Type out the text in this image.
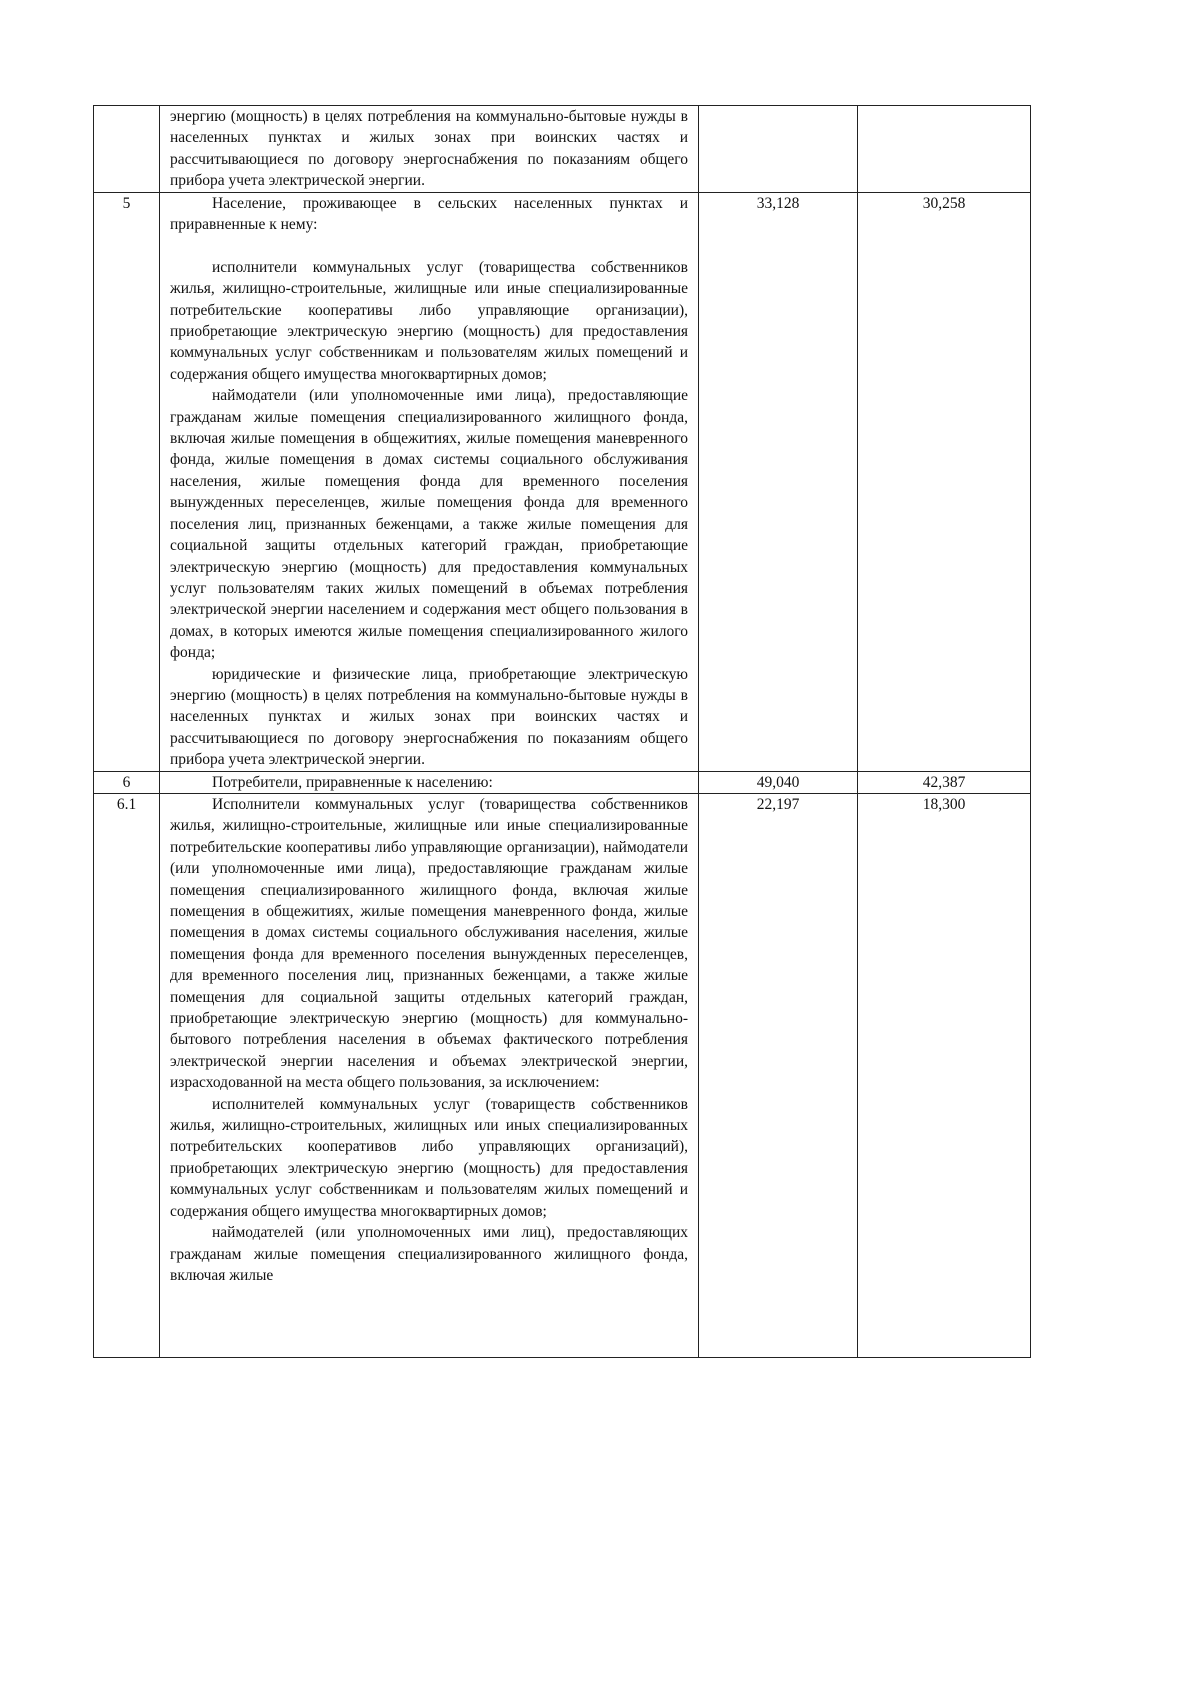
	энергию (мощность) в целях потребления на коммунально-бытовые нужды в населенных пунктах и жилых зонах при воинских частях и рассчитывающиеся по договору энергоснабжения по показаниям общего прибора учета электрической энергии.		

5	Население, проживающее в сельских населенных пунктах и приравненные к нему:

исполнители коммунальных услуг (товарищества собственников жилья, жилищно-строительные, жилищные или иные специализированные потребительские кооперативы либо управляющие организации), приобретающие электрическую энергию (мощность) для предоставления коммунальных услуг собственникам и пользователям жилых помещений и содержания общего имущества многоквартирных домов;

наймодатели (или уполномоченные ими лица), предоставляющие гражданам жилые помещения специализированного жилищного фонда, включая жилые помещения в общежитиях, жилые помещения маневренного фонда, жилые помещения в домах системы социального обслуживания населения, жилые помещения фонда для временного поселения вынужденных переселенцев, жилые помещения фонда для временного поселения лиц, признанных беженцами, а также жилые помещения для социальной защиты отдельных категорий граждан, приобретающие электрическую энергию (мощность) для предоставления коммунальных услуг пользователям таких жилых помещений в объемах потребления электрической энергии населением и содержания мест общего пользования в домах, в которых имеются жилые помещения специализированного жилого фонда;

юридические и физические лица, приобретающие электрическую энергию (мощность) в целях потребления на коммунально-бытовые нужды в населенных пунктах и жилых зонах при воинских частях и рассчитывающиеся по договору энергоснабжения по показаниям общего прибора учета электрической энергии.	33,128	30,258
6	Потребители, приравненные к населению:	49,040	42,387
6.1	Исполнители коммунальных услуг (товарищества собственников жилья, жилищно-строительные, жилищные или иные специализированные потребительские кооперативы либо управляющие организации), наймодатели (или уполномоченные ими лица), предоставляющие гражданам жилые помещения специализированного жилищного фонда, включая жилые помещения в общежитиях, жилые помещения маневренного фонда, жилые помещения в домах системы социального обслуживания населения, жилые помещения фонда для временного поселения вынужденных переселенцев, для временного поселения лиц, признанных беженцами, а также жилые помещения для социальной защиты отдельных категорий граждан, приобретающие электрическую энергию (мощность) для коммунально-бытового потребления населения в объемах фактического потребления электрической энергии населения и объемах электрической энергии, израсходованной на места общего пользования, за исключением:

исполнителей коммунальных услуг (товариществ собственников жилья, жилищно-строительных, жилищных или иных специализированных потребительских кооперативов либо управляющих организаций), приобретающих электрическую энергию (мощность) для предоставления коммунальных услуг собственникам и пользователям жилых помещений и содержания общего имущества многоквартирных домов;

наймодателей (или уполномоченных ими лиц), предоставляющих гражданам жилые помещения специализированного жилищного фонда, включая жилые	22,197	18,300
